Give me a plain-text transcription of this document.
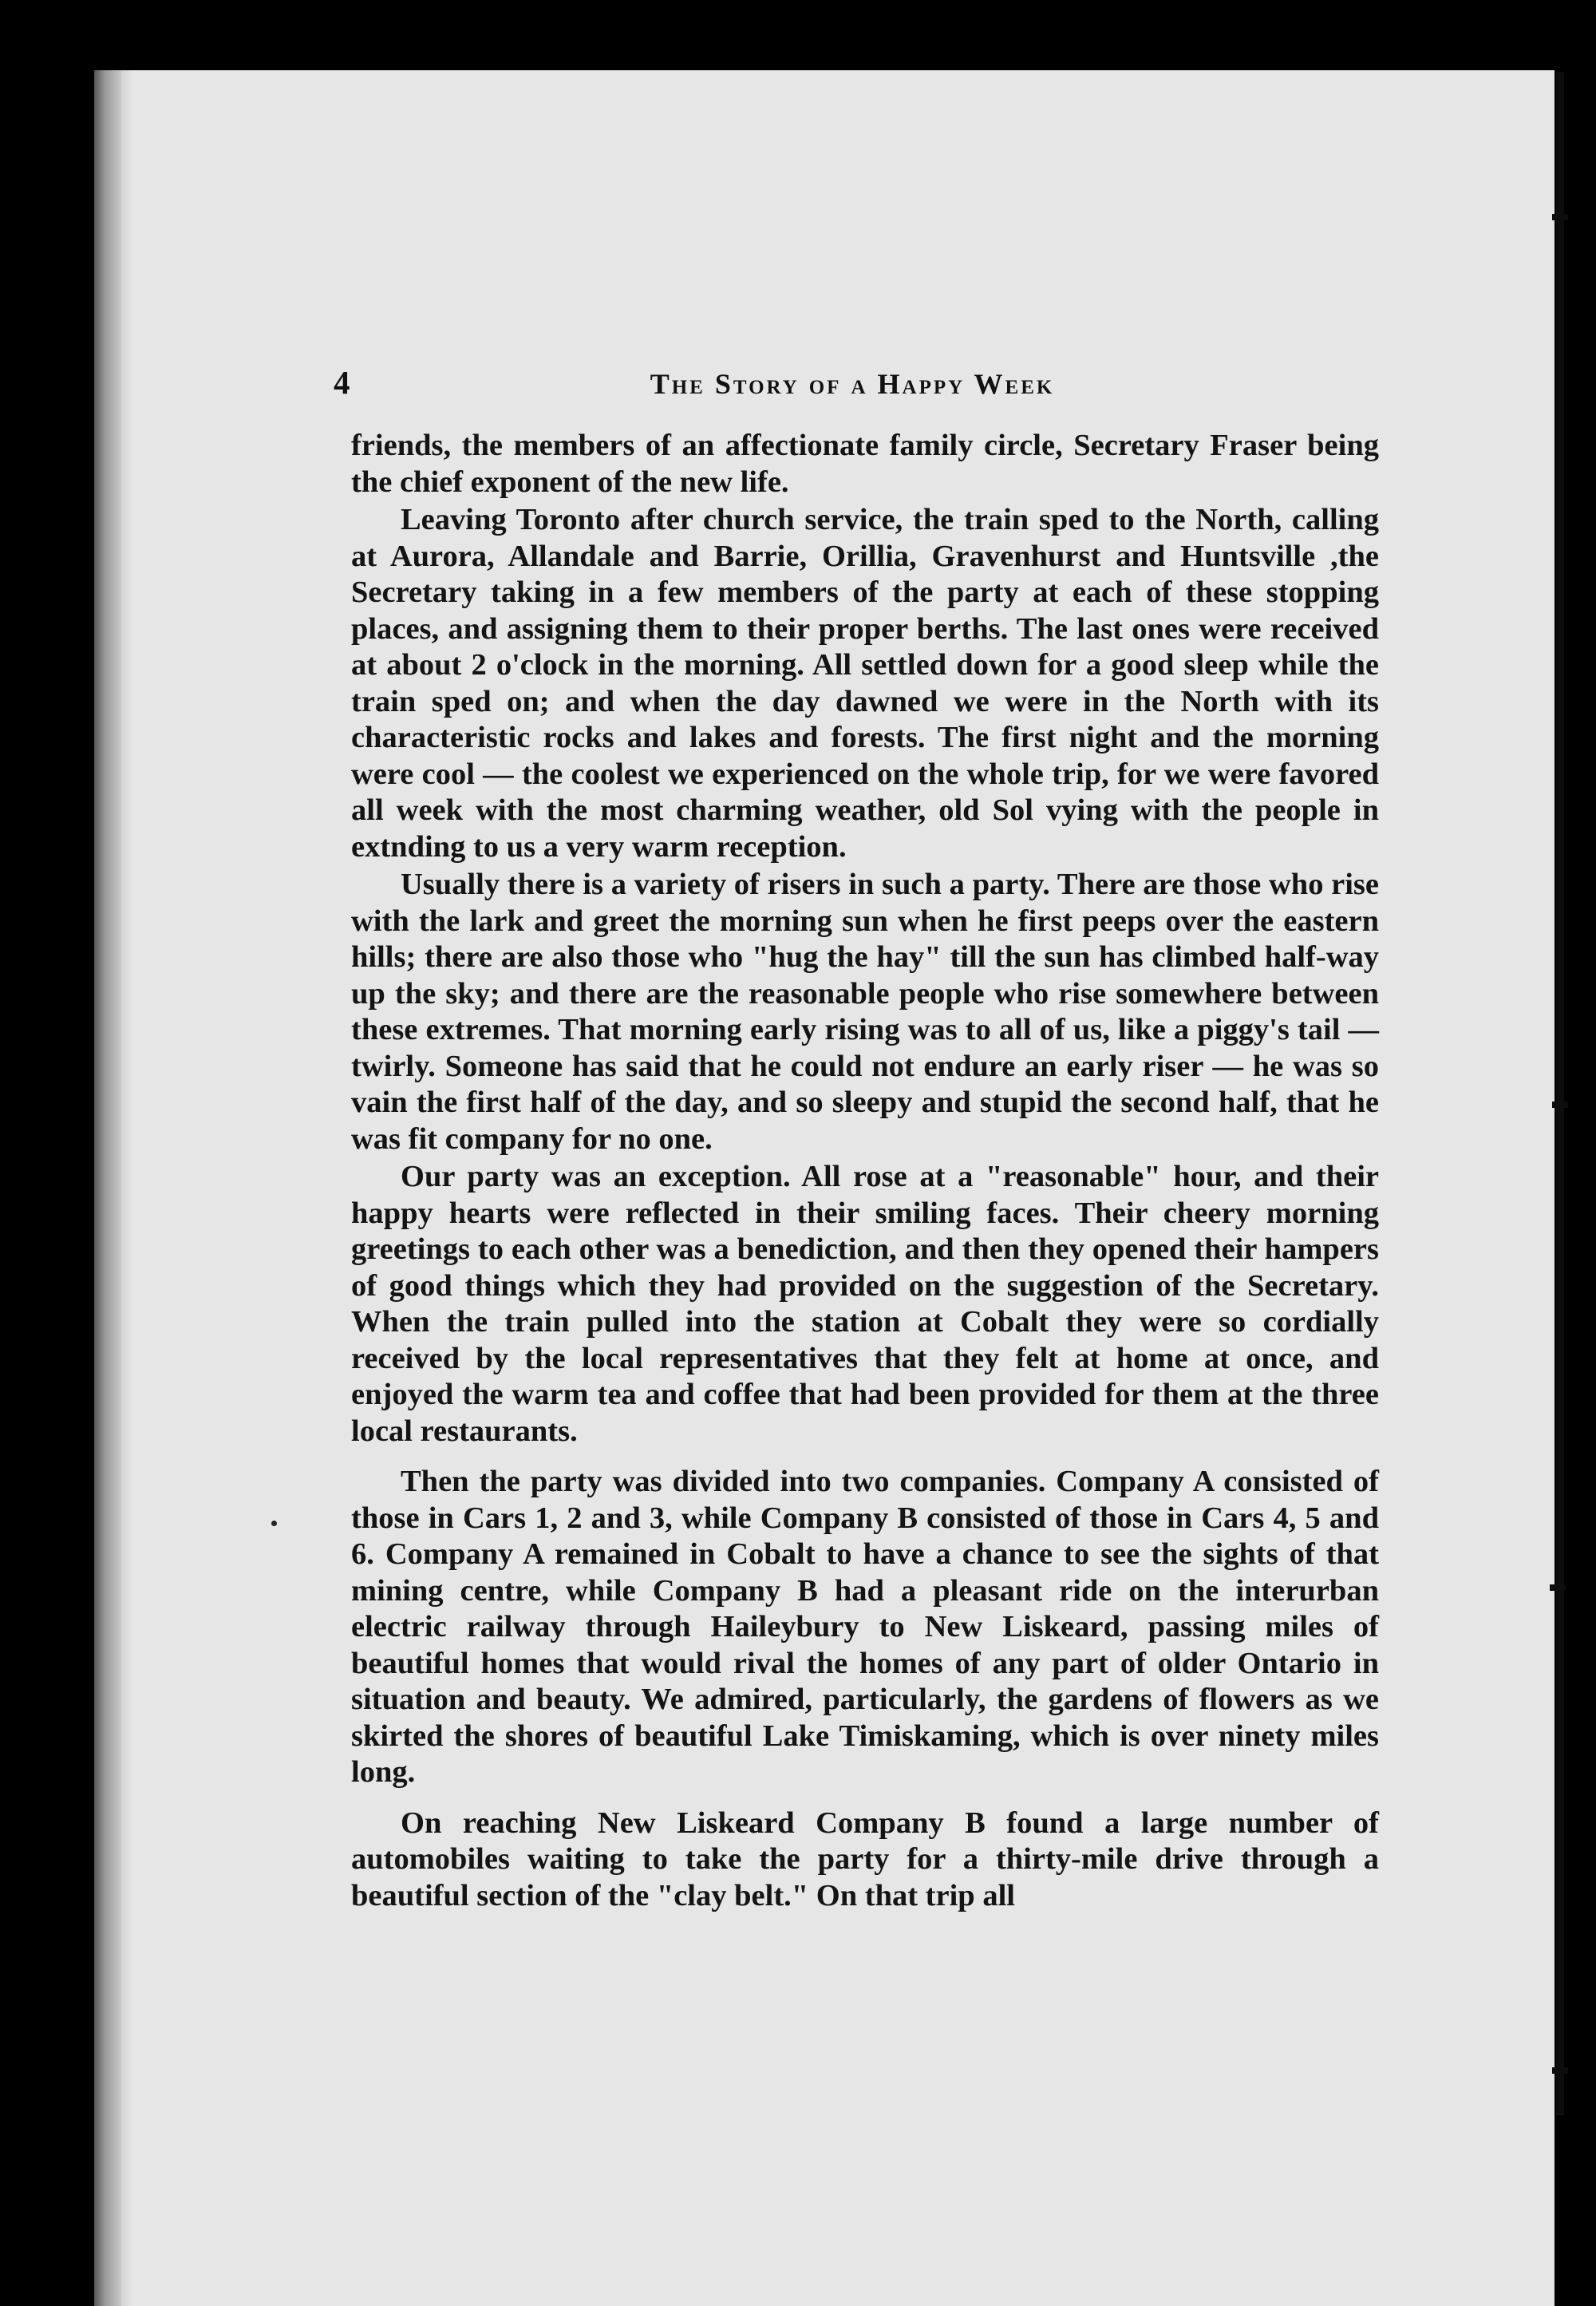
4	The Story of a Happy Week

friends, the members of an affectionate family circle, Secretary Fraser being the chief exponent of the new life.

Leaving Toronto after church service, the train sped to the North, calling at Aurora, Allandale and Barrie, Orillia, Gravenhurst and Huntsville ,the Secretary taking in a few members of the party at each of these stopping places, and assigning them to their proper berths. The last ones were received at about 2 o'clock in the morning. All settled down for a good sleep while the train sped on; and when the day dawned we were in the North with its characteristic rocks and lakes and forests. The first night and the morning were cool — the coolest we experienced on the whole trip, for we were favored all week with the most charming weather, old Sol vying with the people in extnding to us a very warm reception.

Usually there is a variety of risers in such a party. There are those who rise with the lark and greet the morning sun when he first peeps over the eastern hills; there are also those who "hug the hay" till the sun has climbed half-way up the sky; and there are the reasonable people who rise somewhere between these extremes. That morning early rising was to all of us, like a piggy's tail — twirly. Someone has said that he could not endure an early riser — he was so vain the first half of the day, and so sleepy and stupid the second half, that he was fit company for no one.

Our party was an exception. All rose at a "reasonable" hour, and their happy hearts were reflected in their smiling faces. Their cheery morning greetings to each other was a benediction, and then they opened their hampers of good things which they had provided on the suggestion of the Secretary. When the train pulled into the station at Cobalt they were so cordially received by the local representatives that they felt at home at once, and enjoyed the warm tea and coffee that had been provided for them at the three local restaurants.

Then the party was divided into two companies. Company A consisted of those in Cars 1, 2 and 3, while Company B consisted of those in Cars 4, 5 and 6. Company A remained in Cobalt to have a chance to see the sights of that mining centre, while Company B had a pleasant ride on the interurban electric railway through Haileybury to New Liskeard, passing miles of beautiful homes that would rival the homes of any part of older Ontario in situation and beauty. We admired, particularly, the gardens of flowers as we skirted the shores of beautiful Lake Timiskaming, which is over ninety miles long.

On reaching New Liskeard Company B found a large number of automobiles waiting to take the party for a thirty-mile drive through a beautiful section of the "clay belt." On that trip all
